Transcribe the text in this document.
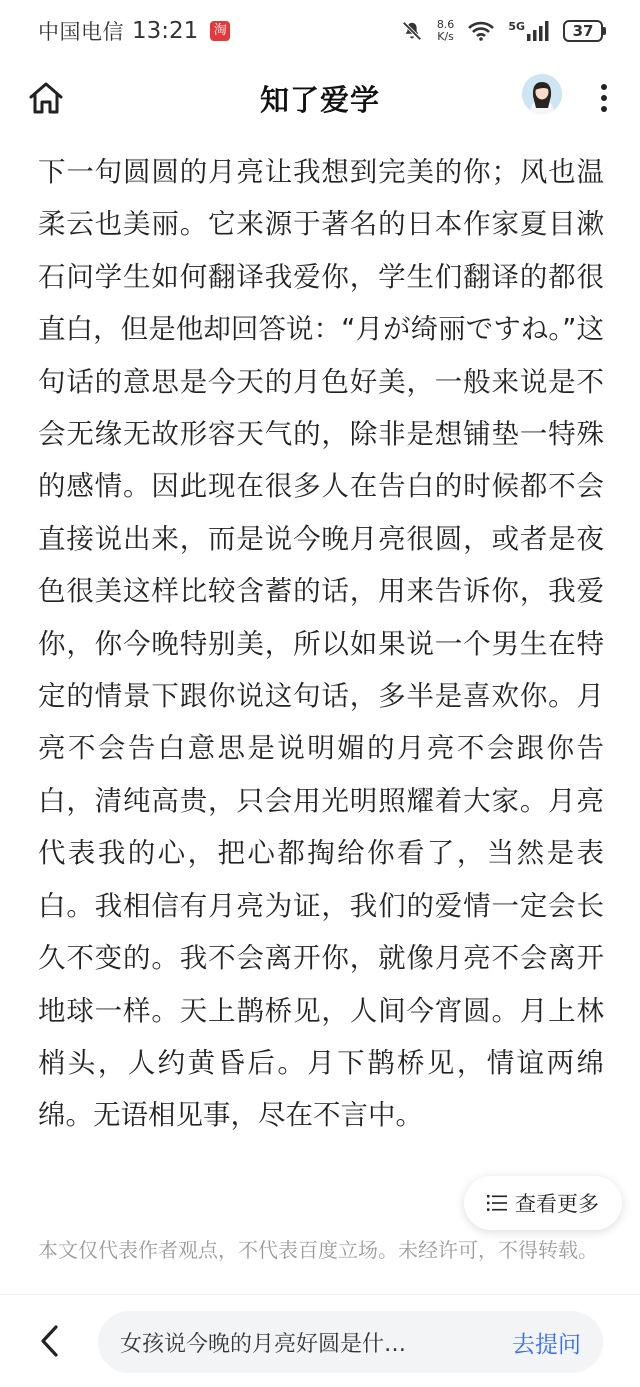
中国电信 13:21 淘	8.6
K/s
5G	37
知了爱学
下一句圆圆的月亮让我想到完美的你；风也温柔云也美丽。它来源于著名的日本作家夏目漱石问学生如何翻译我爱你，学生们翻译的都很直白，但是他却回答说：“月が绮丽ですね。”这句话的意思是今天的月色好美，一般来说是不会无缘无故形容天气的，除非是想铺垫一特殊的感情。因此现在很多人在告白的时候都不会直接说出来，而是说今晚月亮很圆，或者是夜色很美这样比较含蓄的话，用来告诉你，我爱你，你今晚特别美，所以如果说一个男生在特定的情景下跟你说这句话，多半是喜欢你。月亮不会告白意思是说明媚的月亮不会跟你告白，清纯高贵，只会用光明照耀着大家。月亮代表我的心，把心都掏给你看了，当然是表白。我相信有月亮为证，我们的爱情一定会长久不变的。我不会离开你，就像月亮不会离开地球一样。天上鹊桥见，人间今宵圆。月上林梢头，人约黄昏后。月下鹊桥见，情谊两绵绵。无语相见事，尽在不言中。
查看更多
本文仅代表作者观点，不代表百度立场。未经许可，不得转载。
女孩说今晚的月亮好圆是什…	去提问
